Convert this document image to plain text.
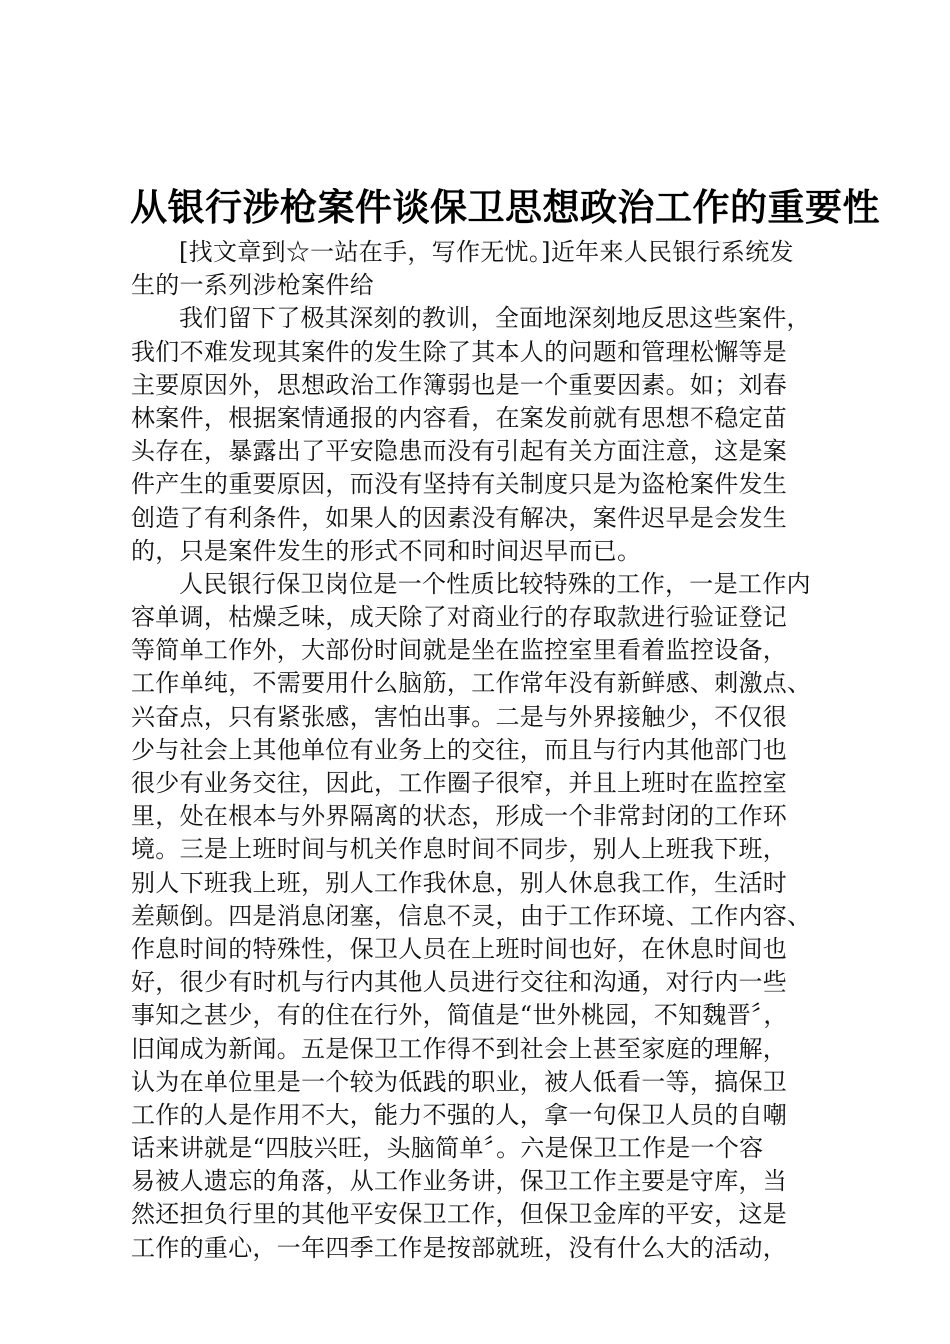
从银行涉枪案件谈保卫思想政治工作的重要性
[找文章到☆一站在手，写作无忧。]近年来人民银行系统发
生的一系列涉枪案件给
我们留下了极其深刻的教训，全面地深刻地反思这些案件，
我们不难发现其案件的发生除了其本人的问题和管理松懈等是
主要原因外，思想政治工作簿弱也是一个重要因素。如；刘春
林案件，根据案情通报的内容看，在案发前就有思想不稳定苗
头存在，暴露出了平安隐患而没有引起有关方面注意，这是案
件产生的重要原因，而没有坚持有关制度只是为盗枪案件发生
创造了有利条件，如果人的因素没有解决，案件迟早是会发生
的，只是案件发生的形式不同和时间迟早而已。
人民银行保卫岗位是一个性质比较特殊的工作，一是工作内
容单调，枯燥乏味，成天除了对商业行的存取款进行验证登记
等简单工作外，大部份时间就是坐在监控室里看着监控设备，
工作单纯，不需要用什么脑筋，工作常年没有新鲜感、刺激点、
兴奋点，只有紧张感，害怕出事。二是与外界接触少，不仅很
少与社会上其他单位有业务上的交往，而且与行内其他部门也
很少有业务交往，因此，工作圈子很窄，并且上班时在监控室
里，处在根本与外界隔离的状态，形成一个非常封闭的工作环
境。三是上班时间与机关作息时间不同步，别人上班我下班，
别人下班我上班，别人工作我休息，别人休息我工作，生活时
差颠倒。四是消息闭塞，信息不灵，由于工作环境、工作内容、
作息时间的特殊性，保卫人员在上班时间也好，在休息时间也
好，很少有时机与行内其他人员进行交往和沟通，对行内一些
事知之甚少，有的住在行外，简值是“世外桃园，不知魏晋〞，
旧闻成为新闻。五是保卫工作得不到社会上甚至家庭的理解，
认为在单位里是一个较为低践的职业，被人低看一等，搞保卫
工作的人是作用不大，能力不强的人，拿一句保卫人员的自嘲
话来讲就是“四肢兴旺，头脑简单〞。六是保卫工作是一个容
易被人遗忘的角落，从工作业务讲，保卫工作主要是守库，当
然还担负行里的其他平安保卫工作，但保卫金库的平安，这是
工作的重心，一年四季工作是按部就班，没有什么大的活动，
